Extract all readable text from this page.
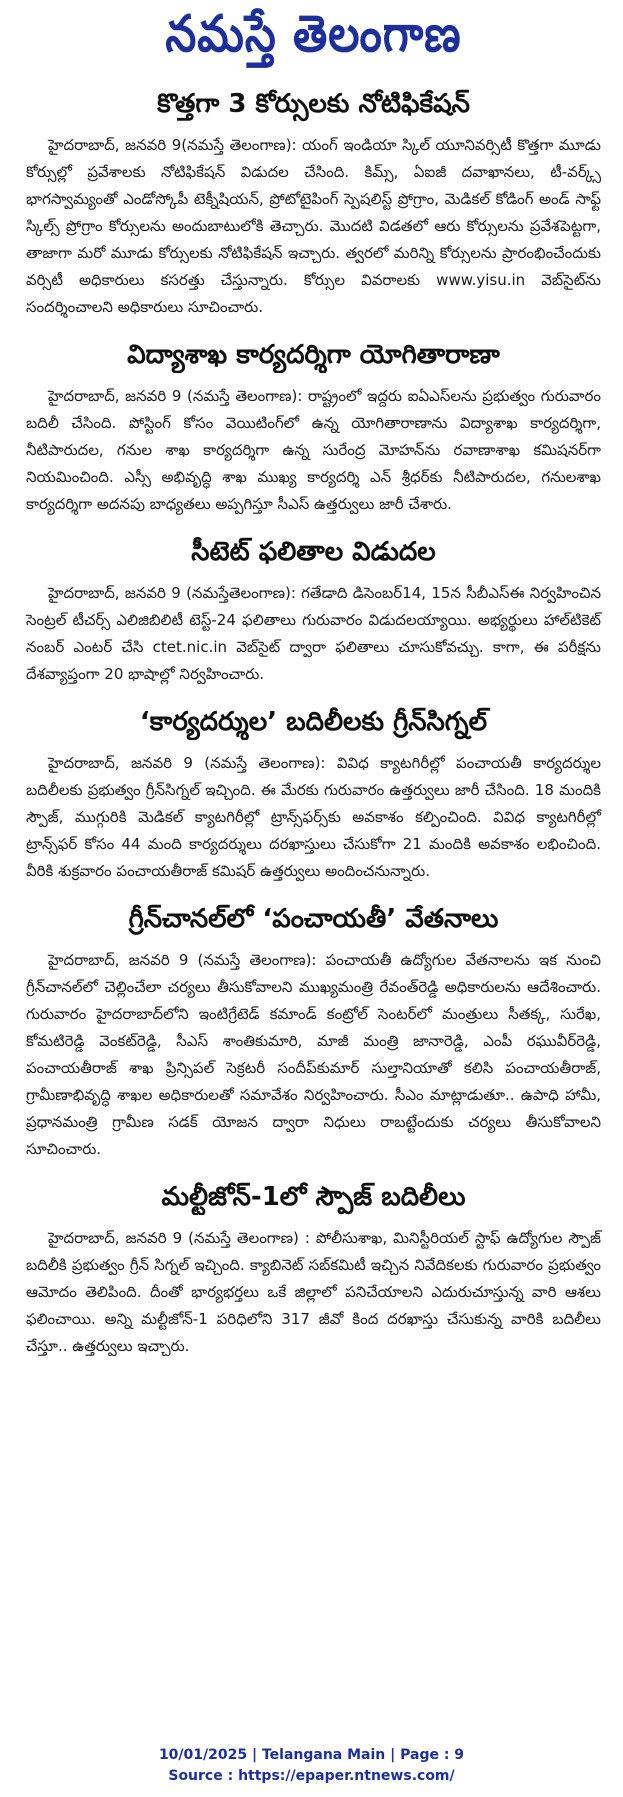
నమస్తే తెలంగాణ
కొత్తగా 3 కోర్సులకు నోటిఫికేషన్

హైదరాబాద్‌, జనవరి 9(నమస్తే తెలంగాణ): యంగ్‌ ఇండియా స్కిల్‌ యూనివర్సిటీ కొత్తగా మూడు కోర్సుల్లో ప్రవేశాలకు నోటిఫికేషన్‌ విడుదల చేసింది. కిమ్స్‌, ఏఐజీ దవాఖానలు, టీ-వర్క్స్‌ భాగస్వామ్యంతో ఎండోస్కోపీ టెక్నీషియన్‌, ప్రోటోటైపింగ్‌ స్పెషలిస్ట్‌ ప్రోగ్రాం, మెడికల్‌ కోడింగ్‌ అండ్‌ సాఫ్ట్‌ స్కిల్స్‌ ప్రోగ్రాం కోర్సులను అందుబాటులోకి తెచ్చారు. మొదటి విడతలో ఆరు కోర్సులను ప్రవేశపెట్టగా, తాజాగా మరో మూడు కోర్సులకు నోటిఫికేషన్‌ ఇచ్చారు. త్వరలో మరిన్ని కోర్సులను ప్రారంభించేందుకు వర్సిటీ అధికారులు కసరత్తు చేస్తున్నారు. కోర్సుల వివరాలకు www.yisu.in వెబ్‌సైట్‌ను సందర్శించాలని అధికారులు సూచించారు.

విద్యాశాఖ కార్యదర్శిగా యోగితారాణా

హైదరాబాద్‌, జనవరి 9 (నమస్తే తెలంగాణ): రాష్ట్రంలో ఇద్దరు ఐఏఎస్‌లను ప్రభుత్వం గురువారం బదిలీ చేసింది. పోస్టింగ్‌ కోసం వెయిటింగ్‌లో ఉన్న యోగితారాణాను విద్యాశాఖ కార్యదర్శిగా, నీటిపారుదల, గనుల శాఖ కార్యదర్శిగా ఉన్న సురేంద్ర మోహన్‌ను రవాణాశాఖ కమిషనర్‌గా నియమించింది. ఎస్సీ అభివృద్ధి శాఖ ముఖ్య కార్యదర్శి ఎన్‌ శ్రీధర్‌కు నీటిపారుదల, గనులశాఖ కార్యదర్శిగా అదనపు బాధ్యతలు అప్పగిస్తూ సీఎస్‌ ఉత్తర్వులు జారీ చేశారు.

సీటెట్‌ ఫలితాల విడుదల

హైదరాబాద్‌, జనవరి 9 (నమస్తేతెలంగాణ): గతేడాది డిసెంబర్‌14, 15న సీబీఎస్‌ఈ నిర్వహించిన సెంట్రల్‌ టీచర్స్‌ ఎలిజిబిలిటీ టెస్ట్‌-24 ఫలితాలు గురువారం విడుదలయ్యాయి. అభ్యర్థులు హాల్‌టికెట్‌ నంబర్‌ ఎంటర్‌ చేసి ctet.nic.in వెబ్‌సైట్‌ ద్వారా ఫలితాలు చూసుకోవచ్చు. కాగా, ఈ పరీక్షను దేశవ్యాప్తంగా 20 భాషాల్లో నిర్వహించారు.

‘కార్యదర్శుల’ బదిలీలకు గ్రీన్‌సిగ్నల్‌

హైదరాబాద్‌, జనవరి 9 (నమస్తే తెలంగాణ): వివిధ క్యాటగిరీల్లో పంచాయతీ కార్యదర్శుల బదిలీలకు ప్రభుత్వం గ్రీన్‌సిగ్నల్‌ ఇచ్చింది. ఈ మేరకు గురువారం ఉత్తర్వులు జారీ చేసింది. 18 మందికి స్పౌజ్‌, ముగ్గురికి మెడికల్‌ క్యాటగిరీల్లో ట్రాన్స్‌ఫర్స్‌కు అవకాశం కల్పించింది. వివిధ క్యాటగిరీల్లో ట్రాన్స్‌ఫర్‌ కోసం 44 మంది కార్యదర్శులు దరఖాస్తులు చేసుకోగా 21 మందికి అవకాశం లభించింది. వీరికి శుక్రవారం పంచాయతీరాజ్‌ కమిషర్‌ ఉత్తర్వులు అందించనున్నారు.

గ్రీన్‌చానల్‌లో ‘పంచాయతీ’ వేతనాలు

హైదరాబాద్‌, జనవరి 9 (నమస్తే తెలంగాణ): పంచాయతీ ఉద్యోగుల వేతనాలను ఇక నుంచి గ్రీన్‌చానల్‌లో చెల్లించేలా చర్యలు తీసుకోవాలని ముఖ్యమంత్రి రేవంత్‌రెడ్డి అధికారులను ఆదేశించారు. గురువారం హైదరాబాద్‌లోని ఇంటిగ్రేటెడ్‌ కమాండ్‌ కంట్రోల్‌ సెంటర్‌లో మంత్రులు సీతక్క, సురేఖ, కోమటిరెడ్డి వెంకట్‌రెడ్డి, సీఎస్‌ శాంతికుమారి, మాజీ మంత్రి జానారెడ్డి, ఎంపీ రఘువీర్‌రెడ్డి, పంచాయతీరాజ్‌ శాఖ ప్రిన్సిపల్‌ సెక్రటరీ సందీప్‌కుమార్‌ సుల్తానియాతో కలిసి పంచాయతీరాజ్‌, గ్రామీణాభివృద్ధి శాఖల అధికారులతో సమావేశం నిర్వహించారు. సీఎం మాట్లాడుతూ.. ఉపాధి హామీ, ప్రధానమంత్రి గ్రామీణ సడక్‌ యోజన ద్వారా నిధులు రాబట్టేందుకు చర్యలు తీసుకోవాలని సూచించారు.

మల్టీజోన్‌-1లో స్పౌజ్‌ బదిలీలు

హైదరాబాద్‌, జనవరి 9 (నమస్తే తెలంగాణ) : పోలీసుశాఖ, మినిస్టీరియల్‌ స్టాఫ్‌ ఉద్యోగుల స్పౌజ్‌ బదిలీకి ప్రభుత్వం గ్రీన్‌ సిగ్నల్‌ ఇచ్చింది. క్యాబినెట్‌ సబ్‌కమిటీ ఇచ్చిన నివేదికలకు గురువారం ప్రభుత్వం ఆమోదం తెలిపింది. దీంతో భార్యభర్తలు ఒకే జిల్లాలో పనిచేయాలని ఎదురుచూస్తున్న వారి ఆశలు ఫలించాయి. అన్ని మల్టీజోన్‌-1 పరిధిలోని 317 జీవో కింద దరఖాస్తు చేసుకున్న వారికి బదిలీలు చేస్తూ.. ఉత్తర్వులు ఇచ్చారు.

10/01/2025 | Telangana Main | Page : 9
Source : https://epaper.ntnews.com/
